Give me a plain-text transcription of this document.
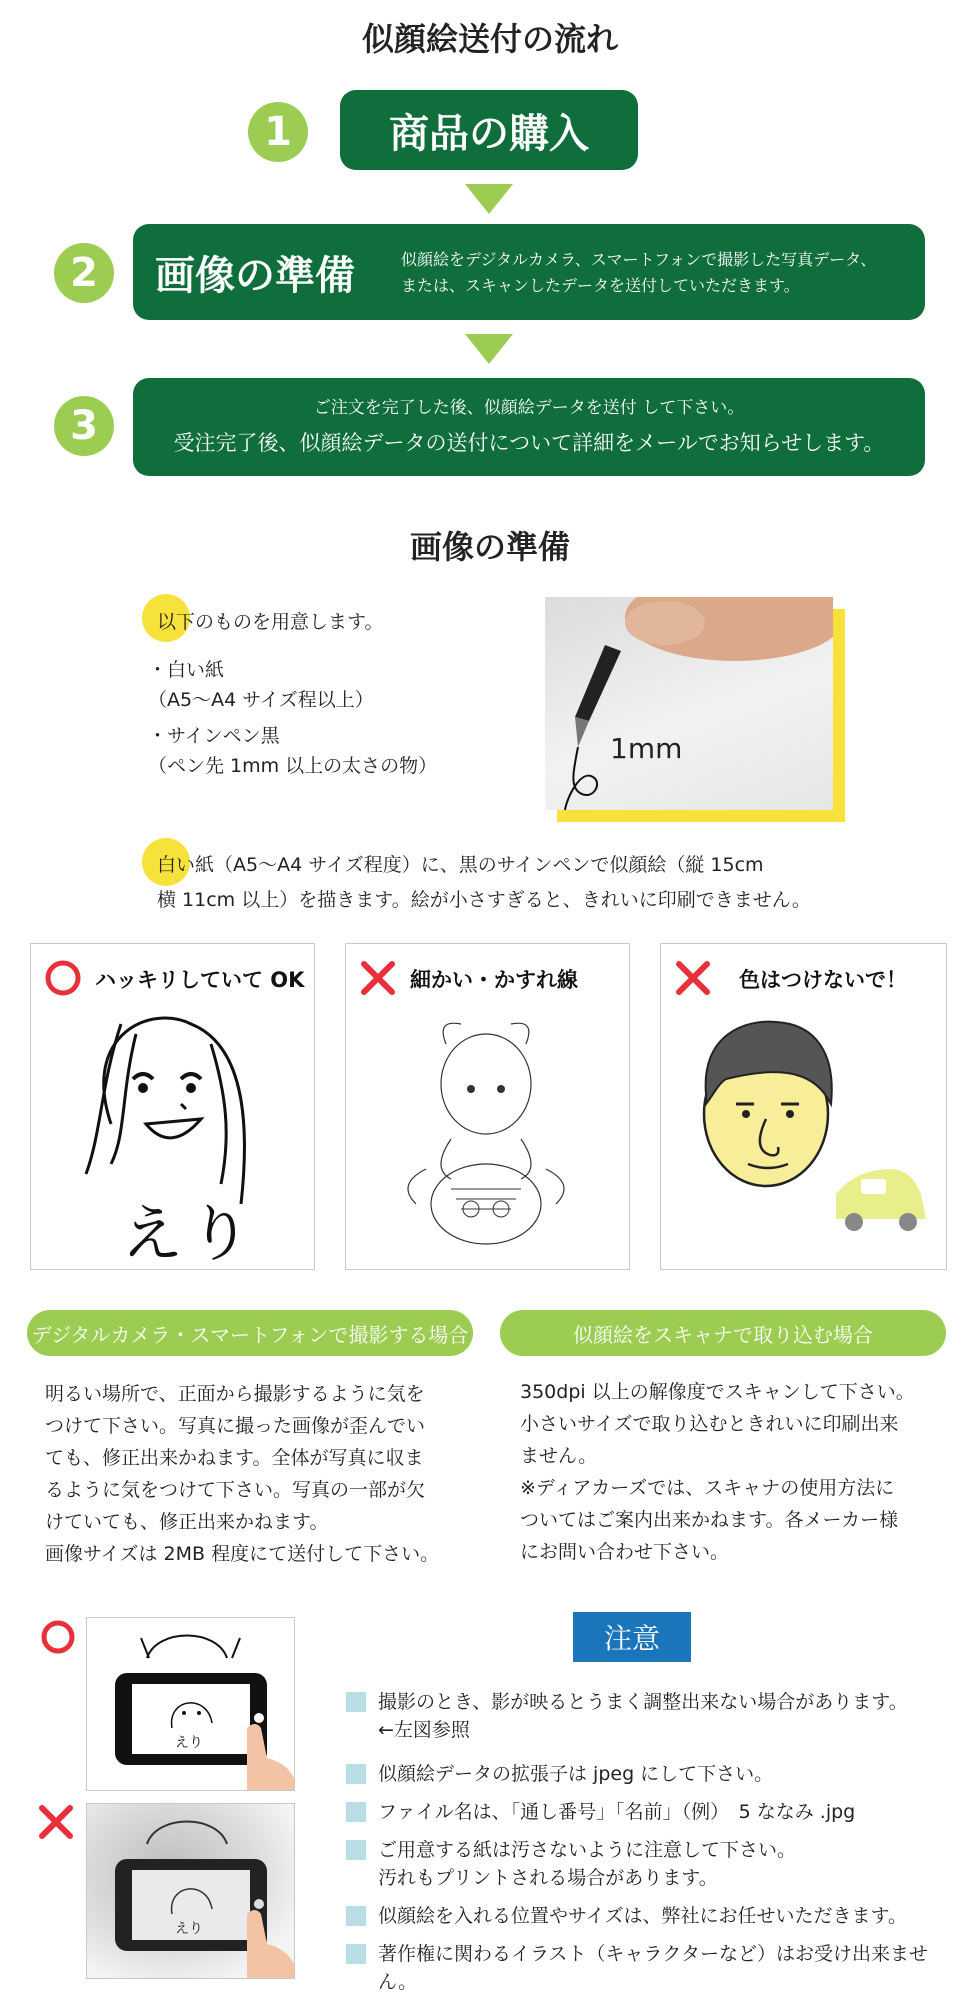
似顔絵送付の流れ
1	商品の購入
2	画像の準備	似顔絵をデジタルカメラ、スマートフォンで撮影した写真データ、
または、スキャンしたデータを送付していただきます。
3	ご注文を完了した後、似顔絵データを送付 して下さい。
受注完了後、似顔絵データの送付について詳細をメールでお知らせします。
画像の準備
以下のものを用意します。
・白い紙
（A5～A4 サイズ程以上）
・サインペン黒
（ペン先 1mm 以上の太さの物）
1mm
白い紙（A5～A4 サイズ程度）に、黒のサインペンで似顔絵（縦 15cm
横 11cm 以上）を描きます。絵が小さすぎると、きれいに印刷できません。
ハッキリしていて OK
えり
細かい・かすれ線	色はつけないで！
デジタルカメラ・スマートフォンで撮影する場合	似顔絵をスキャナで取り込む場合
明るい場所で、正面から撮影するように気を
つけて下さい。写真に撮った画像が歪んでい
ても、修正出来かねます。全体が写真に収ま
るように気をつけて下さい。写真の一部が欠
けていても、修正出来かねます。
画像サイズは 2MB 程度にて送付して下さい。
350dpi 以上の解像度でスキャンして下さい。
小さいサイズで取り込むときれいに印刷出来
ません。
※ディアカーズでは、スキャナの使用方法に
ついてはご案内出来かねます。各メーカー様
にお問い合わせ下さい。
えり
えり
注意
撮影のとき、影が映るとうまく調整出来ない場合があります。
←左図参照
似顔絵データの拡張子は jpeg にして下さい。
ファイル名は、「通し番号」「名前」（例）　5 ななみ .jpg
ご用意する紙は汚さないように注意して下さい。
汚れもプリントされる場合があります。
似顔絵を入れる位置やサイズは、弊社にお任せいただきます。
著作権に関わるイラスト（キャラクターなど）はお受け出来ません。
